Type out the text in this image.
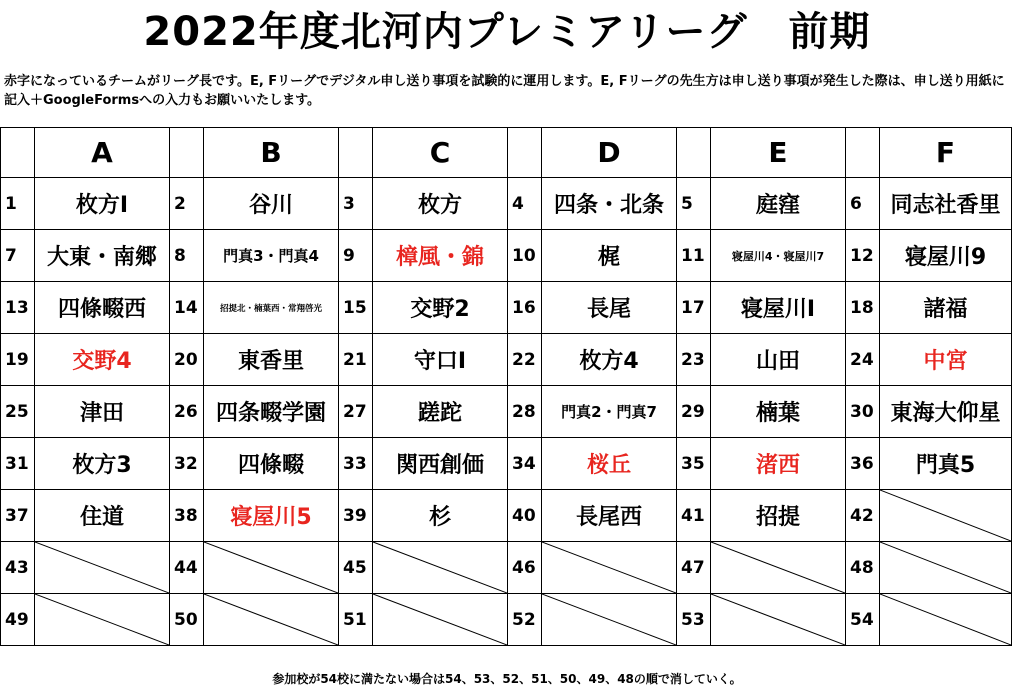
2022年度北河内プレミアリーグ　前期
赤字になっているチームがリーグ長です。E, Fリーグでデジタル申し送り事項を試験的に運用します。E, Fリーグの先生方は申し送り事項が発生した際は、申し送り用紙に記入＋GoogleFormsへの入力もお願いいたします。
	A		B		C		D		E		F
1	枚方Ⅰ	2	谷川	3	枚方	4	四条・北条	5	庭窪	6	同志社香里
7	大東・南郷	8	門真3・門真4	9	樟風・錦	10	梶	11	寝屋川4・寝屋川7	12	寝屋川9
13	四條畷西	14	招提北・楠葉西・常翔啓光	15	交野2	16	長尾	17	寝屋川Ⅰ	18	諸福
19	交野4	20	東香里	21	守口Ⅰ	22	枚方4	23	山田	24	中宮
25	津田	26	四条畷学園	27	蹉跎	28	門真2・門真7	29	楠葉	30	東海大仰星
31	枚方3	32	四條畷	33	関西創価	34	桜丘	35	渚西	36	門真5
37	住道	38	寝屋川5	39	杉	40	長尾西	41	招提	42	

43		44		45		46		47		48	

49		50		51		52		53		54	
参加校が54校に満たない場合は54、53、52、51、50、49、48の順で消していく。
